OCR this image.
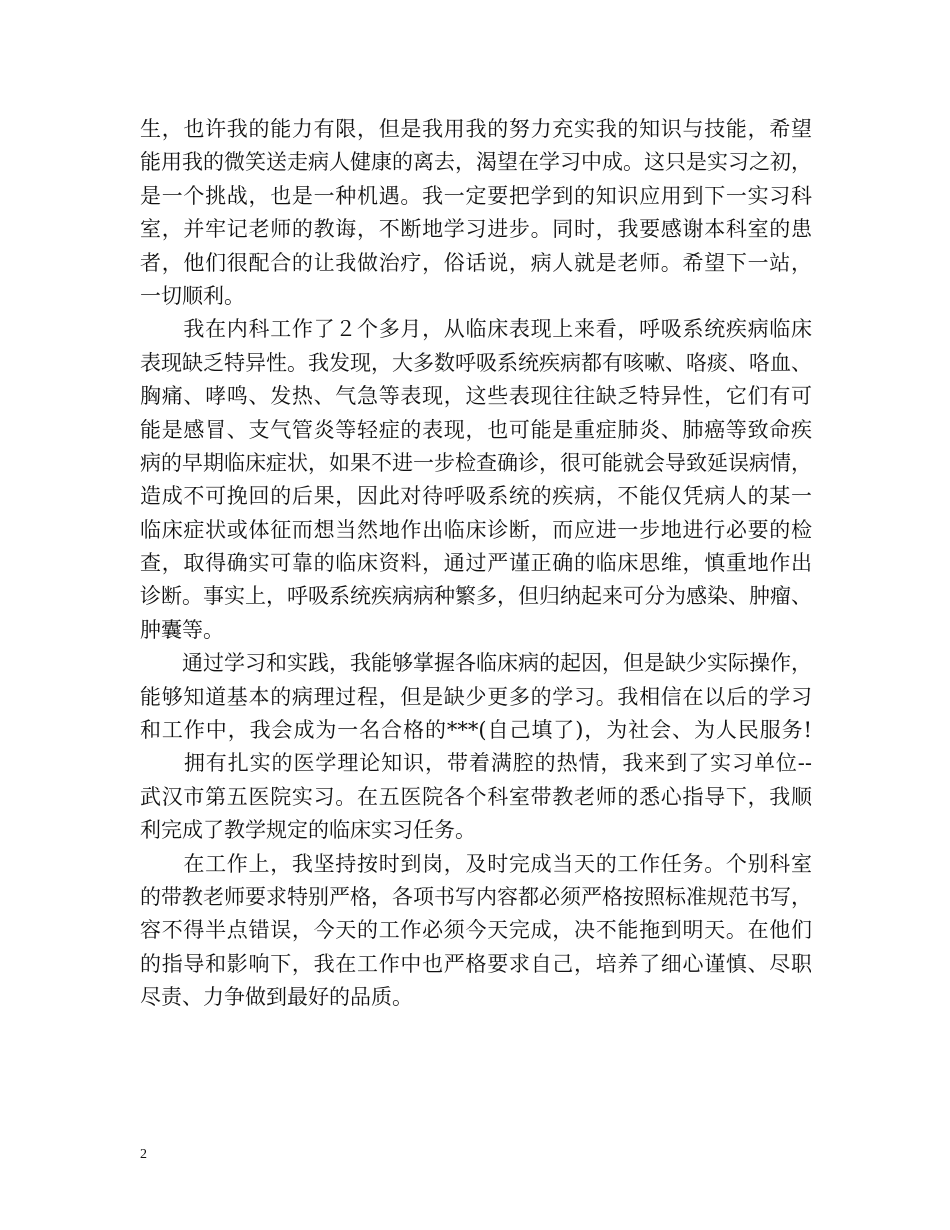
生，也许我的能力有限，但是我用我的努力充实我的知识与技能，希望
能用我的微笑送走病人健康的离去，渴望在学习中成。这只是实习之初，
是一个挑战，也是一种机遇。我一定要把学到的知识应用到下一实习科
室，并牢记老师的教诲，不断地学习进步。同时，我要感谢本科室的患
者，他们很配合的让我做治疗，俗话说，病人就是老师。希望下一站，
一切顺利。
　　我在内科工作了２个多月，从临床表现上来看，呼吸系统疾病临床
表现缺乏特异性。我发现，大多数呼吸系统疾病都有咳嗽、咯痰、咯血、
胸痛、哮鸣、发热、气急等表现，这些表现往往缺乏特异性，它们有可
能是感冒、支气管炎等轻症的表现，也可能是重症肺炎、肺癌等致命疾
病的早期临床症状，如果不进一步检查确诊，很可能就会导致延误病情，
造成不可挽回的后果，因此对待呼吸系统的疾病，不能仅凭病人的某一
临床症状或体征而想当然地作出临床诊断，而应进一步地进行必要的检
查，取得确实可靠的临床资料，通过严谨正确的临床思维，慎重地作出
诊断。事实上，呼吸系统疾病病种繁多，但归纳起来可分为感染、肿瘤、
肿囊等。
　　通过学习和实践，我能够掌握各临床病的起因，但是缺少实际操作，
能够知道基本的病理过程，但是缺少更多的学习。我相信在以后的学习
和工作中，我会成为一名合格的***(自己填了)，为社会、为人民服务!
　　拥有扎实的医学理论知识，带着满腔的热情，我来到了实习单位--
武汉市第五医院实习。在五医院各个科室带教老师的悉心指导下，我顺
利完成了教学规定的临床实习任务。
　　在工作上，我坚持按时到岗，及时完成当天的工作任务。个别科室
的带教老师要求特别严格，各项书写内容都必须严格按照标准规范书写，
容不得半点错误，今天的工作必须今天完成，决不能拖到明天。在他们
的指导和影响下，我在工作中也严格要求自己，培养了细心谨慎、尽职
尽责、力争做到最好的品质。
2
